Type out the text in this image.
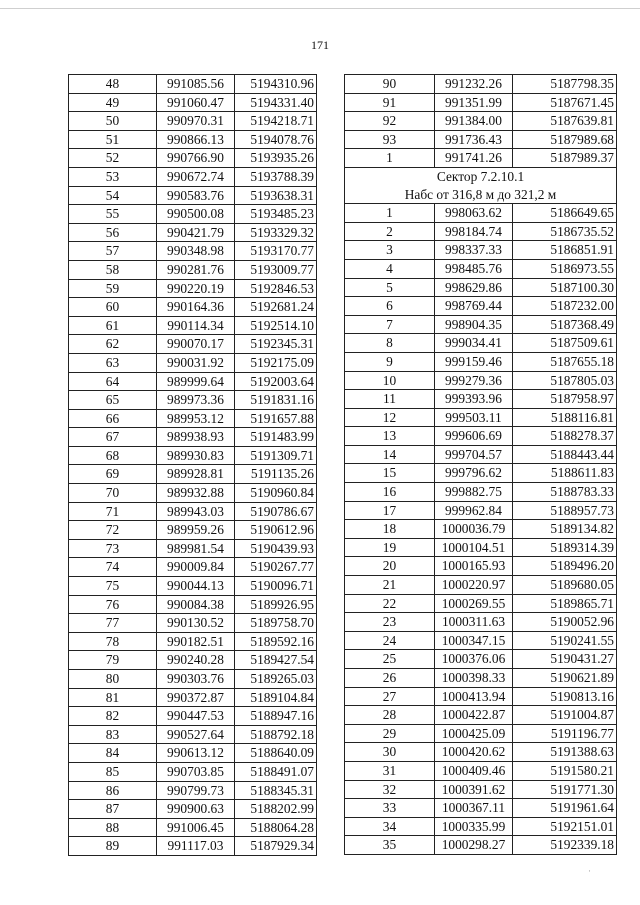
171
48	991085.56	5194310.96
49	991060.47	5194331.40
50	990970.31	5194218.71
51	990866.13	5194078.76
52	990766.90	5193935.26
53	990672.74	5193788.39
54	990583.76	5193638.31
55	990500.08	5193485.23
56	990421.79	5193329.32
57	990348.98	5193170.77
58	990281.76	5193009.77
59	990220.19	5192846.53
60	990164.36	5192681.24
61	990114.34	5192514.10
62	990070.17	5192345.31
63	990031.92	5192175.09
64	989999.64	5192003.64
65	989973.36	5191831.16
66	989953.12	5191657.88
67	989938.93	5191483.99
68	989930.83	5191309.71
69	989928.81	5191135.26
70	989932.88	5190960.84
71	989943.03	5190786.67
72	989959.26	5190612.96
73	989981.54	5190439.93
74	990009.84	5190267.77
75	990044.13	5190096.71
76	990084.38	5189926.95
77	990130.52	5189758.70
78	990182.51	5189592.16
79	990240.28	5189427.54
80	990303.76	5189265.03
81	990372.87	5189104.84
82	990447.53	5188947.16
83	990527.64	5188792.18
84	990613.12	5188640.09
85	990703.85	5188491.07
86	990799.73	5188345.31
87	990900.63	5188202.99
88	991006.45	5188064.28
89	991117.03	5187929.34
90	991232.26	5187798.35
91	991351.99	5187671.45
92	991384.00	5187639.81
93	991736.43	5187989.68
1	991741.26	5187989.37
Сектор 7.2.10.1		
Набс от 316,8 м до 321,2 м		
1	998063.62	5186649.65
2	998184.74	5186735.52
3	998337.33	5186851.91
4	998485.76	5186973.55
5	998629.86	5187100.30
6	998769.44	5187232.00
7	998904.35	5187368.49
8	999034.41	5187509.61
9	999159.46	5187655.18
10	999279.36	5187805.03
11	999393.96	5187958.97
12	999503.11	5188116.81
13	999606.69	5188278.37
14	999704.57	5188443.44
15	999796.62	5188611.83
16	999882.75	5188783.33
17	999962.84	5188957.73
18	1000036.79	5189134.82
19	1000104.51	5189314.39
20	1000165.93	5189496.20
21	1000220.97	5189680.05
22	1000269.55	5189865.71
23	1000311.63	5190052.96
24	1000347.15	5190241.55
25	1000376.06	5190431.27
26	1000398.33	5190621.89
27	1000413.94	5190813.16
28	1000422.87	5191004.87
29	1000425.09	5191196.77
30	1000420.62	5191388.63
31	1000409.46	5191580.21
32	1000391.62	5191771.30
33	1000367.11	5191961.64
34	1000335.99	5192151.01
35	1000298.27	5192339.18
·
